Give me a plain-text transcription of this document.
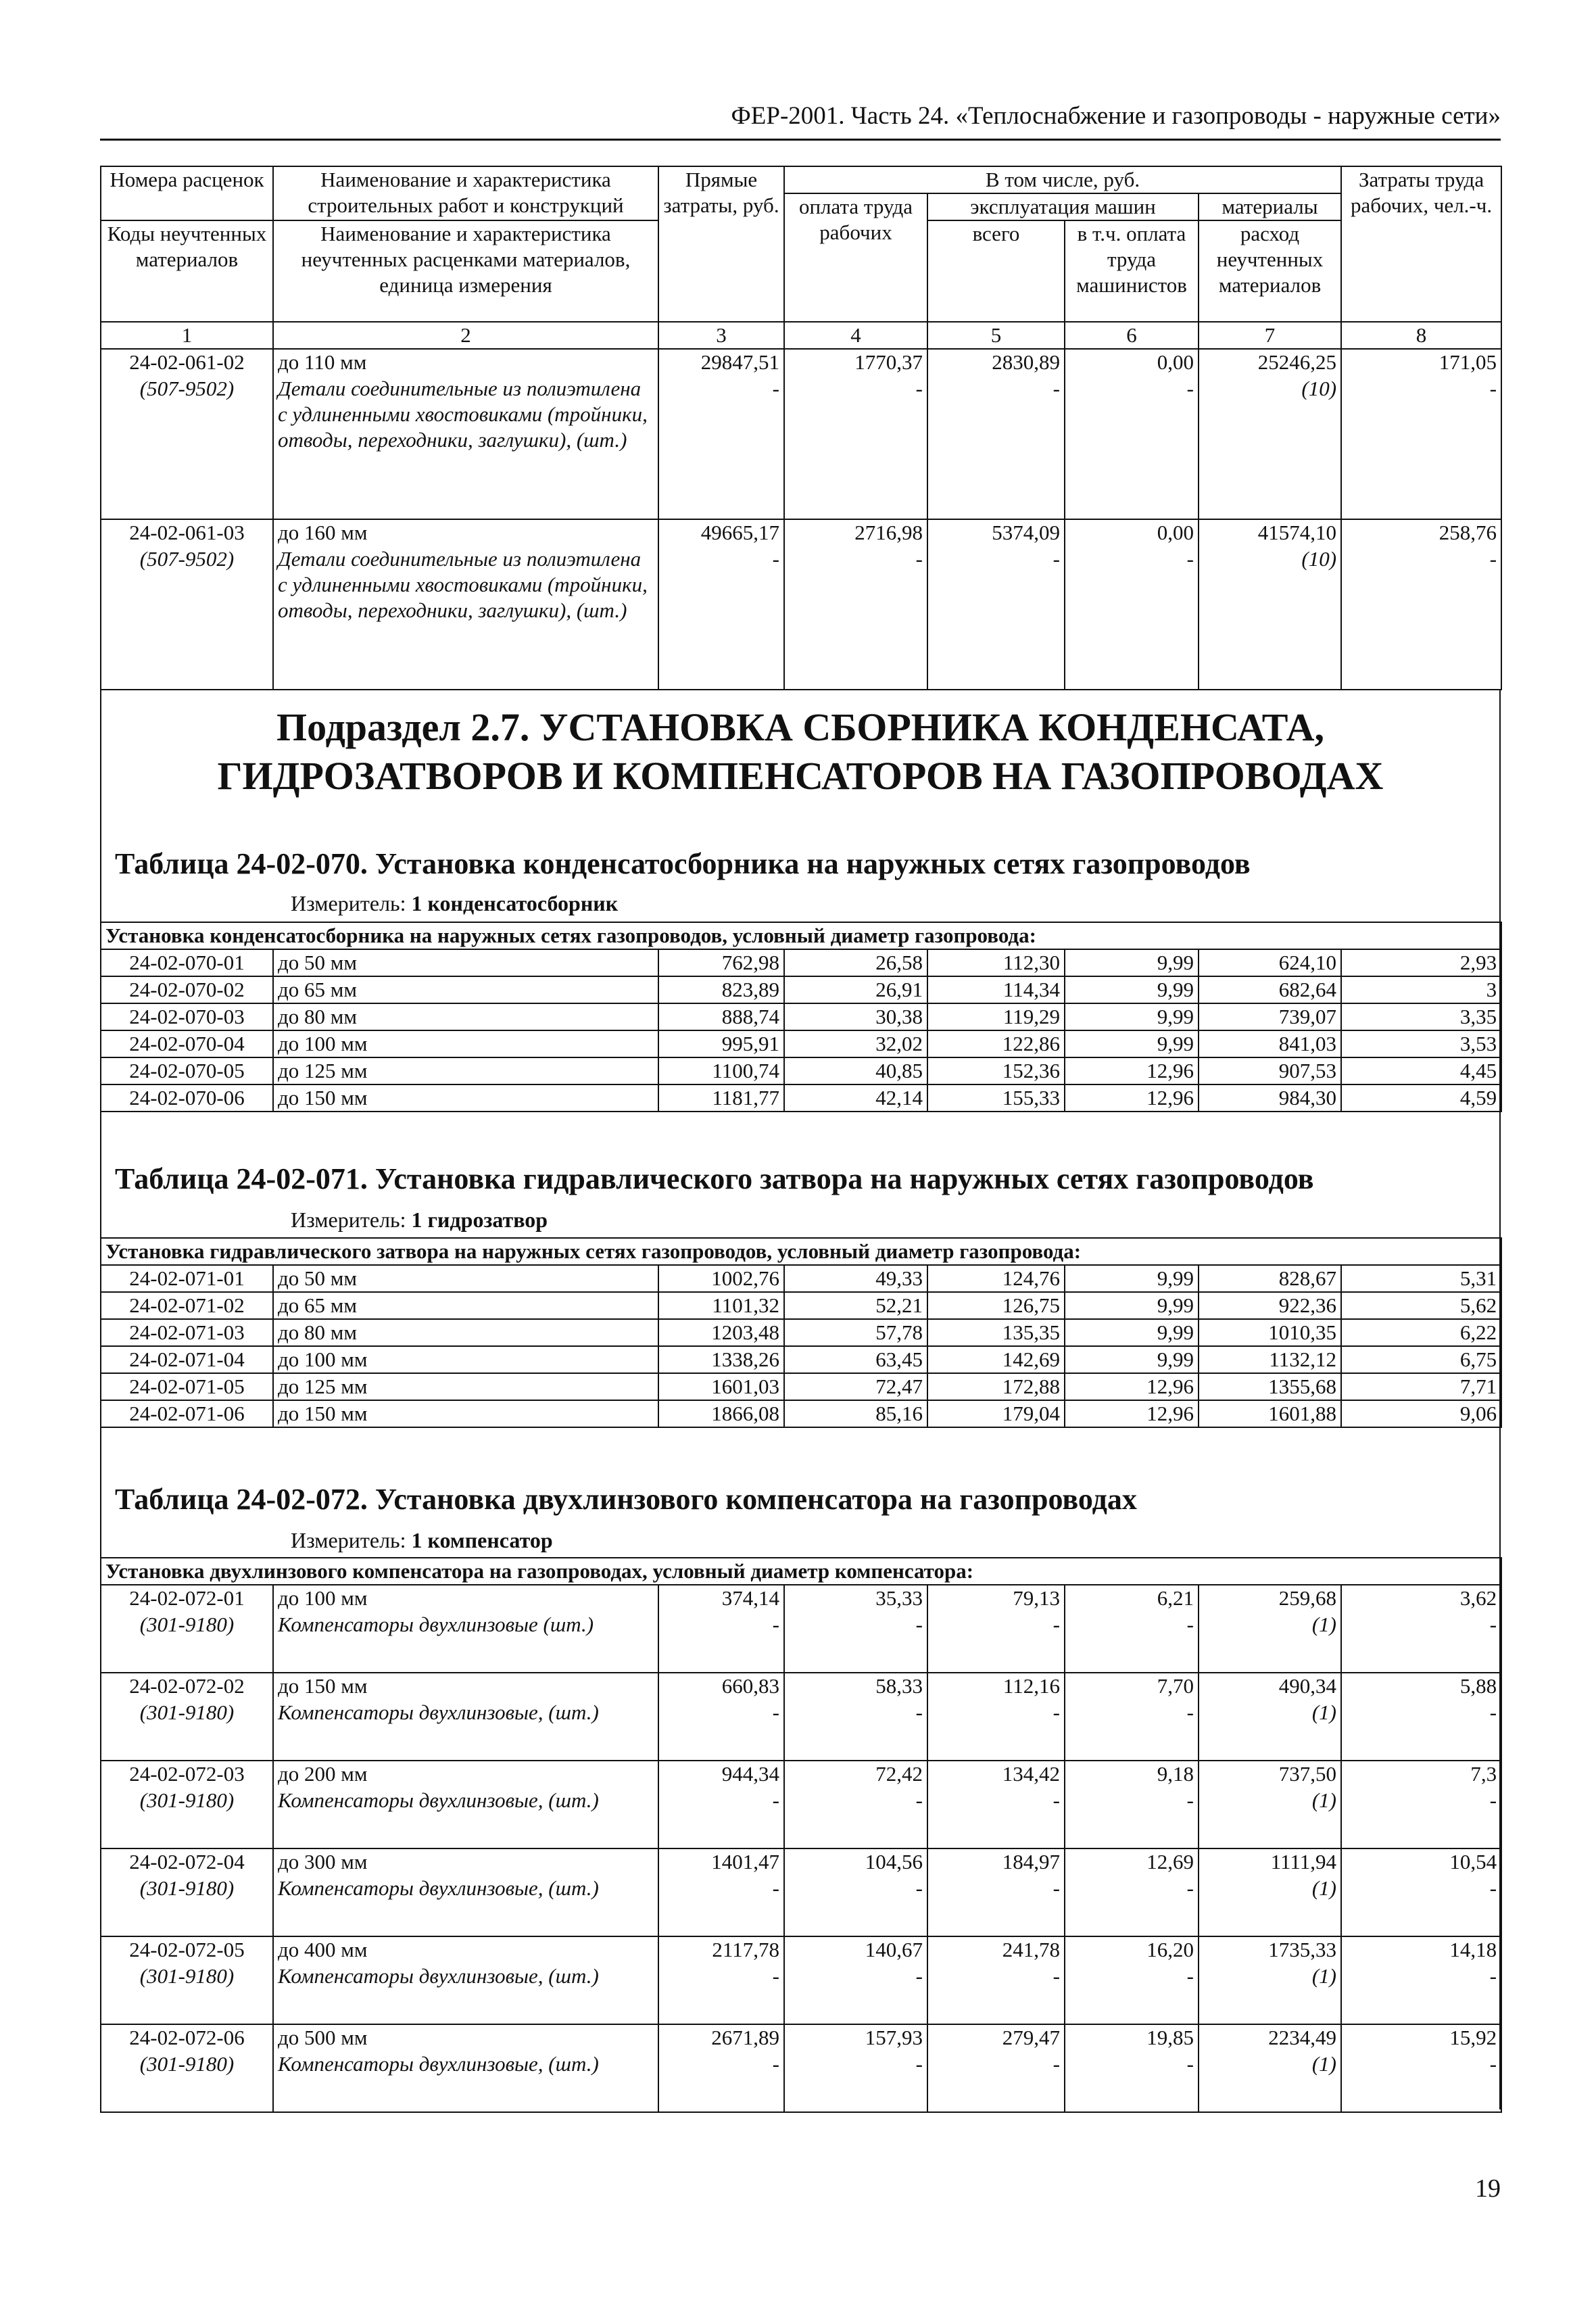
ФЕР-2001. Часть 24. «Теплоснабжение и газопроводы - наружные сети»
Номера расценок	Наименование и характеристика строительных работ и конструкций	Прямые затраты, руб.	В том числе, руб.				Затраты труда рабочих, чел.-ч.
			оплата труда рабочих	эксплуатация машин		материалы	
Коды неучтенных материалов	Наименование и характеристика неучтенных расценками материалов, единица измерения			всего	в т.ч. оплата труда машинистов	расход неучтенных материалов	

1	2	3	4	5	6	7	8
24-02-061-02	до 110 мм	29847,51	1770,37	2830,89	0,00	25246,25	171,05
(507-9502)	Детали соединительные из полиэтилена с удлиненными хвостовиками (тройники, отводы, переходники, заглушки), (шт.)	-	-	-	-	(10)	-
24-02-061-03	до 160 мм	49665,17	2716,98	5374,09	0,00	41574,10	258,76
(507-9502)	Детали соединительные из полиэтилена с удлиненными хвостовиками (тройники, отводы, переходники, заглушки), (шт.)	-	-	-	-	(10)	-
Подраздел 2.7. УСТАНОВКА СБОРНИКА КОНДЕНСАТА,
ГИДРОЗАТВОРОВ И КОМПЕНСАТОРОВ НА ГАЗОПРОВОДАХ
Таблица 24-02-070. Установка конденсатосборника на наружных сетях газопроводов
Измеритель: 1 конденсатосборник
Установка конденсатосборника на наружных сетях газопроводов, условный диаметр газопровода:							
24-02-070-01	до 50 мм	762,98	26,58	112,30	9,99	624,10	2,93
24-02-070-02	до 65 мм	823,89	26,91	114,34	9,99	682,64	3
24-02-070-03	до 80 мм	888,74	30,38	119,29	9,99	739,07	3,35
24-02-070-04	до 100 мм	995,91	32,02	122,86	9,99	841,03	3,53
24-02-070-05	до 125 мм	1100,74	40,85	152,36	12,96	907,53	4,45
24-02-070-06	до 150 мм	1181,77	42,14	155,33	12,96	984,30	4,59
Таблица 24-02-071. Установка гидравлического затвора на наружных сетях газопроводов
Измеритель: 1 гидрозатвор
Установка гидравлического затвора на наружных сетях газопроводов, условный диаметр газопровода:							
24-02-071-01	до 50 мм	1002,76	49,33	124,76	9,99	828,67	5,31
24-02-071-02	до 65 мм	1101,32	52,21	126,75	9,99	922,36	5,62
24-02-071-03	до 80 мм	1203,48	57,78	135,35	9,99	1010,35	6,22
24-02-071-04	до 100 мм	1338,26	63,45	142,69	9,99	1132,12	6,75
24-02-071-05	до 125 мм	1601,03	72,47	172,88	12,96	1355,68	7,71
24-02-071-06	до 150 мм	1866,08	85,16	179,04	12,96	1601,88	9,06
Таблица 24-02-072. Установка двухлинзового компенсатора на газопроводах
Измеритель: 1 компенсатор
Установка двухлинзового компенсатора на газопроводах, условный диаметр компенсатора:							
24-02-072-01	до 100 мм	374,14	35,33	79,13	6,21	259,68	3,62
(301-9180)	Компенсаторы двухлинзовые (шт.)	-	-	-	-	(1)	-
24-02-072-02	до 150 мм	660,83	58,33	112,16	7,70	490,34	5,88
(301-9180)	Компенсаторы двухлинзовые, (шт.)	-	-	-	-	(1)	-
24-02-072-03	до 200 мм	944,34	72,42	134,42	9,18	737,50	7,3
(301-9180)	Компенсаторы двухлинзовые, (шт.)	-	-	-	-	(1)	-
24-02-072-04	до 300 мм	1401,47	104,56	184,97	12,69	1111,94	10,54
(301-9180)	Компенсаторы двухлинзовые, (шт.)	-	-	-	-	(1)	-
24-02-072-05	до 400 мм	2117,78	140,67	241,78	16,20	1735,33	14,18
(301-9180)	Компенсаторы двухлинзовые, (шт.)	-	-	-	-	(1)	-
24-02-072-06	до 500 мм	2671,89	157,93	279,47	19,85	2234,49	15,92
(301-9180)	Компенсаторы двухлинзовые, (шт.)	-	-	-	-	(1)	-
19
